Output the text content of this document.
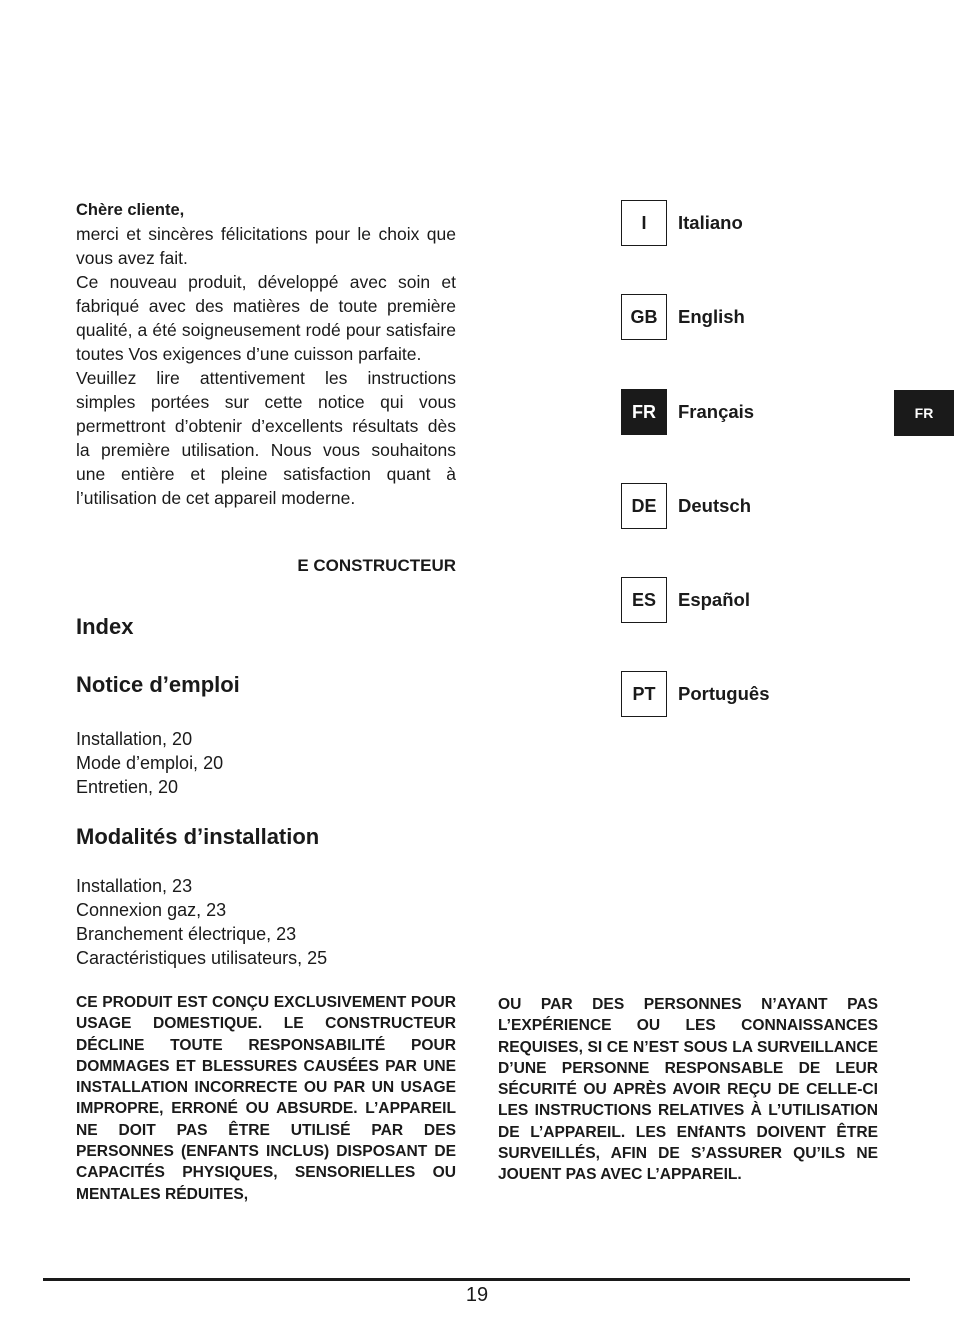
Chère cliente,

merci et sincères félicitations pour le choix que vous avez fait.

Ce nouveau produit, développé avec soin et fabriqué avec des matières de toute première qualité, a été soigneusement rodé pour satisfaire toutes Vos exigences d’une cuisson parfaite.

Veuillez lire attentivement les instructions simples portées sur cette notice qui vous permettront d’obtenir d’excellents résultats dès la première utilisation. Nous vous souhaitons une entière et pleine satisfaction quant à l’utilisation de cet appareil moderne.

E CONSTRUCTEUR
Index
Notice d’emploi
Installation, 20
Mode d’emploi, 20
Entretien, 20
Modalités d’installation
Installation, 23
Connexion gaz, 23
Branchement électrique, 23
Caractéristiques utilisateurs, 25
I	Italiano
GB	English
FR	Français
DE	Deutsch
ES	Español
PT	Português
FR

CE PRODUIT EST CONÇU EXCLUSIVEMENT POUR USAGE DOMESTIQUE. LE CONSTRUCTEUR DÉCLINE TOUTE RESPONSABILITÉ POUR DOMMAGES ET BLESSURES CAUSÉES PAR UNE INSTALLATION INCORRECTE OU PAR UN USAGE IMPROPRE, ERRONÉ OU ABSURDE. L’APPAREIL NE DOIT PAS ÊTRE UTILISÉ PAR DES PERSONNES (ENFANTS INCLUS) DISPOSANT DE CAPACITÉS PHYSIQUES, SENSORIELLES OU MENTALES RÉDUITES,

OU PAR DES PERSONNES N’AYANT PAS L’EXPÉRIENCE OU LES CONNAISSANCES REQUISES, SI CE N’EST SOUS LA SURVEILLANCE D’UNE PERSONNE RESPONSABLE DE LEUR SÉCURITÉ OU APRÈS AVOIR REÇU DE CELLE-CI LES INSTRUCTIONS RELATIVES À L’UTILISATION DE L’APPAREIL. LES ENfANTS DOIVENT ÊTRE SURVEILLÉS, AFIN DE S’ASSURER QU’ILS NE JOUENT PAS AVEC L’APPAREIL.

19
